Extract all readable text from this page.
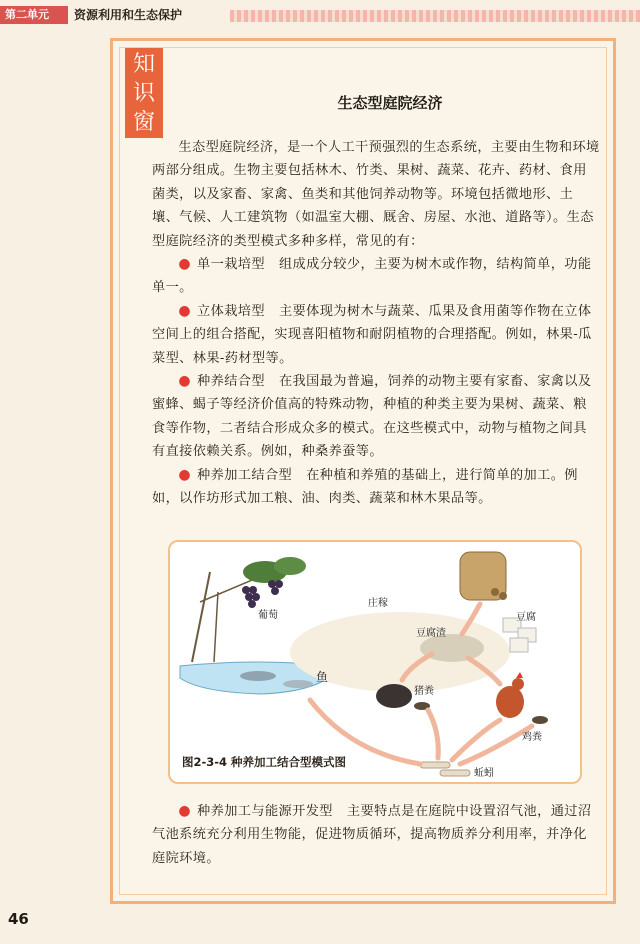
第二单元	资源利用和生态保护
知识窗
生态型庭院经济

生态型庭院经济，是一个人工干预强烈的生态系统，主要由生物和环境两部分组成。生物主要包括林木、竹类、果树、蔬菜、花卉、药材、食用菌类，以及家畜、家禽、鱼类和其他饲养动物等。环境包括微地形、土壤、气候、人工建筑物（如温室大棚、厩舍、房屋、水池、道路等）。生态型庭院经济的类型模式多种多样，常见的有：

● 单一栽培型 组成成分较少，主要为树木或作物，结构简单，功能单一。

● 立体栽培型 主要体现为树木与蔬菜、瓜果及食用菌等作物在立体空间上的组合搭配，实现喜阳植物和耐阴植物的合理搭配。例如，林果-瓜菜型、林果-药材型等。

● 种养结合型 在我国最为普遍，饲养的动物主要有家畜、家禽以及蜜蜂、蝎子等经济价值高的特殊动物，种植的种类主要为果树、蔬菜、粮食等作物，二者结合形成众多的模式。在这些模式中，动物与植物之间具有直接依赖关系。例如，种桑养蚕等。

● 种养加工结合型 在种植和养殖的基础上，进行简单的加工。例如，以作坊形式加工粮、油、肉类、蔬菜和林木果品等。

葡萄
庄稼
豆腐渣
豆腐
鱼
猪粪
鸡粪
蚯蚓
图2-3-4 种养加工结合型模式图

● 种养加工与能源开发型 主要特点是在庭院中设置沼气池，通过沼气池系统充分利用生物能，促进物质循环，提高物质养分利用率，并净化庭院环境。

46
